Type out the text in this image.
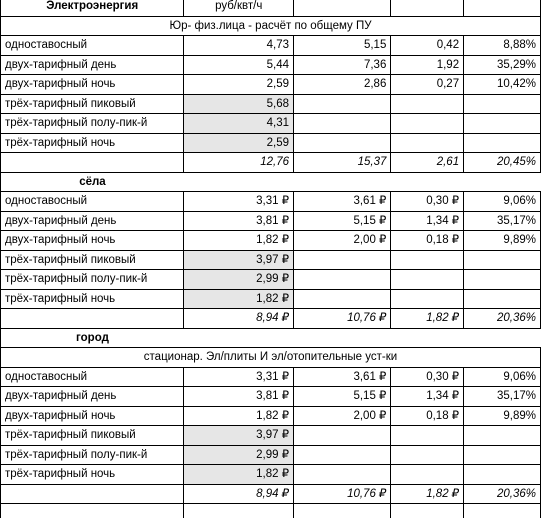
Электроэнергия	руб/квт/ч			
Юр- физ.лица - расчёт по общему ПУ				
одноставосный	4,73	5,15	0,42	8,88%
двух-тарифный день	5,44	7,36	1,92	35,29%
двух-тарифный ночь	2,59	2,86	0,27	10,42%
трёх-тарифный пиковый	5,68			
трёх-тарифный полу-пик-й	4,31			
трёх-тарифный ночь	2,59			
	12,76	15,37	2,61	20,45%
сёла				
одноставосный	3,31 ₽	3,61 ₽	0,30 ₽	9,06%
двух-тарифный день	3,81 ₽	5,15 ₽	1,34 ₽	35,17%
двух-тарифный ночь	1,82 ₽	2,00 ₽	0,18 ₽	9,89%
трёх-тарифный пиковый	3,97 ₽			
трёх-тарифный полу-пик-й	2,99 ₽			
трёх-тарифный ночь	1,82 ₽			
	8,94 ₽	10,76 ₽	1,82 ₽	20,36%
город				
стационар. Эл/плиты И эл/отопительные уст-ки				
одноставосный	3,31 ₽	3,61 ₽	0,30 ₽	9,06%
двух-тарифный день	3,81 ₽	5,15 ₽	1,34 ₽	35,17%
двух-тарифный ночь	1,82 ₽	2,00 ₽	0,18 ₽	9,89%
трёх-тарифный пиковый	3,97 ₽			
трёх-тарифный полу-пик-й	2,99 ₽			
трёх-тарифный ночь	1,82 ₽			
	8,94 ₽	10,76 ₽	1,82 ₽	20,36%
